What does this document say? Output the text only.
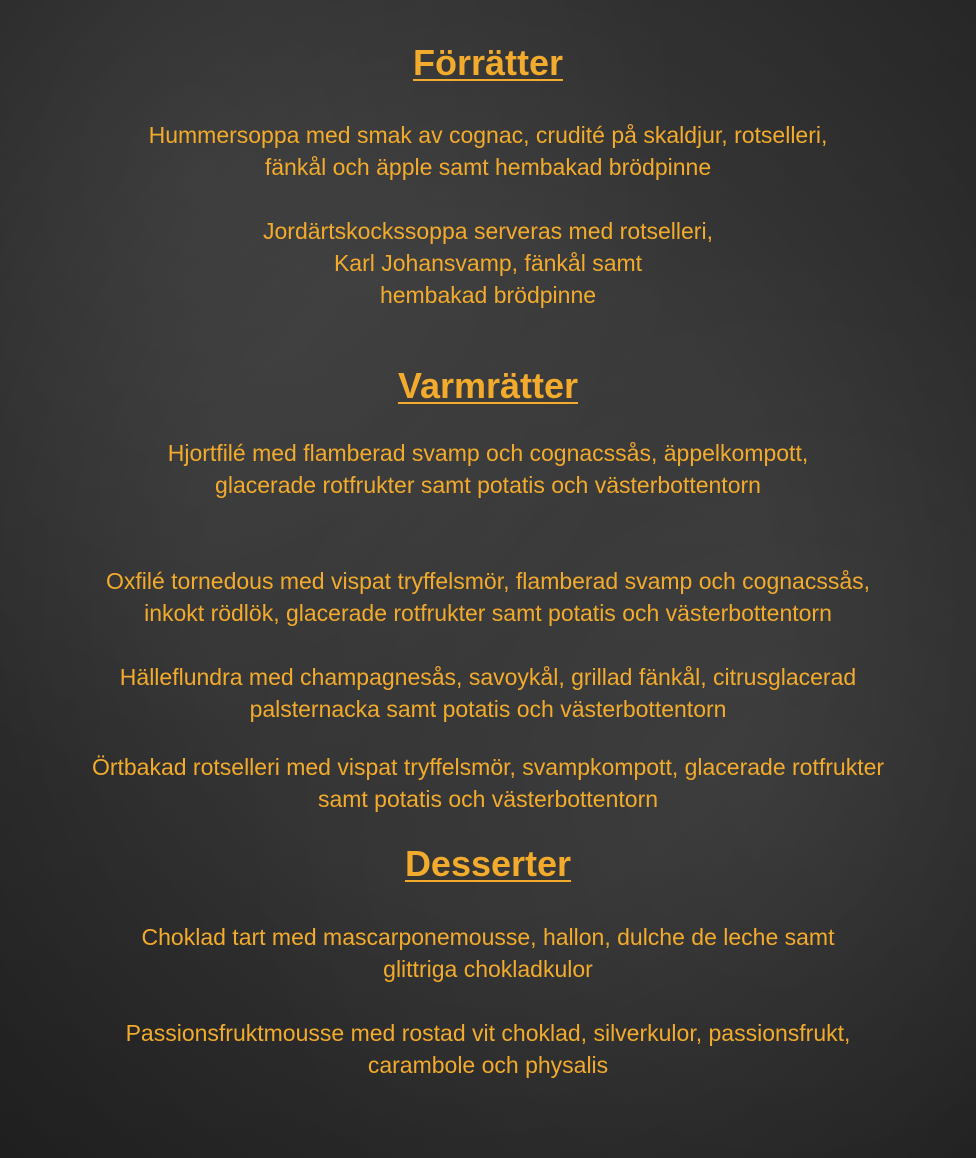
Förrätter

Hummersoppa med smak av cognac, crudité på skaldjur, rotselleri,
fänkål och äpple samt hembakad brödpinne

Jordärtskockssoppa serveras med rotselleri,
Karl Johansvamp, fänkål samt
hembakad brödpinne

Varmrätter

Hjortfilé med flamberad svamp och cognacssås, äppelkompott,
glacerade rotfrukter samt potatis och västerbottentorn

Oxfilé tornedous med vispat tryffelsmör, flamberad svamp och cognacssås,
inkokt rödlök, glacerade rotfrukter samt potatis och västerbottentorn

Hälleflundra med champagnesås, savoykål, grillad fänkål, citrusglacerad
palsternacka samt potatis och västerbottentorn

Örtbakad rotselleri med vispat tryffelsmör, svampkompott, glacerade rotfrukter
samt potatis och västerbottentorn

Desserter

Choklad tart med mascarponemousse, hallon, dulche de leche samt
glittriga chokladkulor

Passionsfruktmousse med rostad vit choklad, silverkulor, passionsfrukt,
carambole och physalis
